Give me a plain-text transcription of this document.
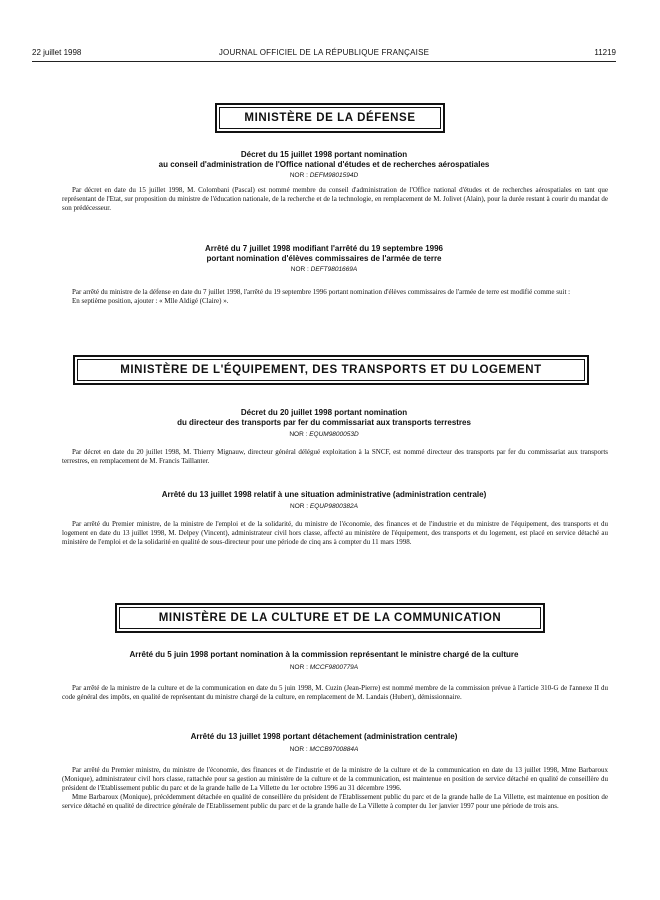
22 juillet 1998	JOURNAL OFFICIEL DE LA RÉPUBLIQUE FRANÇAISE	11219
MINISTÈRE DE LA DÉFENSE
Décret du 15 juillet 1998 portant nomination
au conseil d'administration de l'Office national d'études et de recherches aérospatiales
NOR : DEFM9801594D

Par décret en date du 15 juillet 1998, M. Colombani (Pascal) est nommé membre du conseil d'administration de l'Office national d'études et de recherches aérospatiales en tant que représentant de l'Etat, sur proposition du ministre de l'éducation nationale, de la recherche et de la technologie, en remplacement de M. Jolivet (Alain), pour la durée restant à courir du mandat de son prédécesseur.

Arrêté du 7 juillet 1998 modifiant l'arrêté du 19 septembre 1996
portant nomination d'élèves commissaires de l'armée de terre
NOR : DEFT9801669A

Par arrêté du ministre de la défense en date du 7 juillet 1998, l'arrêté du 19 septembre 1996 portant nomination d'élèves commissaires de l'armée de terre est modifié comme suit :

En septième position, ajouter : « Mlle Aldigé (Claire) ».

MINISTÈRE DE L'ÉQUIPEMENT, DES TRANSPORTS ET DU LOGEMENT
Décret du 20 juillet 1998 portant nomination
du directeur des transports par fer du commissariat aux transports terrestres
NOR : EQUM9800053D

Par décret en date du 20 juillet 1998, M. Thierry Mignauw, directeur général délégué exploitation à la SNCF, est nommé directeur des transports par fer du commissariat aux transports terrestres, en remplacement de M. Francis Taillanter.

Arrêté du 13 juillet 1998 relatif à une situation administrative (administration centrale)
NOR : EQUP9800382A

Par arrêté du Premier ministre, de la ministre de l'emploi et de la solidarité, du ministre de l'économie, des finances et de l'industrie et du ministre de l'équipement, des transports et du logement en date du 13 juillet 1998, M. Delpey (Vincent), administrateur civil hors classe, affecté au ministère de l'équipement, des transports et du logement, est placé en service détaché au ministère de l'emploi et de la solidarité en qualité de sous-directeur pour une période de cinq ans à compter du 11 mars 1998.

MINISTÈRE DE LA CULTURE ET DE LA COMMUNICATION
Arrêté du 5 juin 1998 portant nomination à la commission représentant le ministre chargé de la culture
NOR : MCCF9800779A

Par arrêté de la ministre de la culture et de la communication en date du 5 juin 1998, M. Cuzin (Jean-Pierre) est nommé membre de la commission prévue à l'article 310-G de l'annexe II du code général des impôts, en qualité de représentant du ministre chargé de la culture, en remplacement de M. Landais (Hubert), démissionnaire.

Arrêté du 13 juillet 1998 portant détachement (administration centrale)
NOR : MCCB9700884A

Par arrêté du Premier ministre, du ministre de l'économie, des finances et de l'industrie et de la ministre de la culture et de la communication en date du 13 juillet 1998, Mme Barbaroux (Monique), administrateur civil hors classe, rattachée pour sa gestion au ministère de la culture et de la communication, est maintenue en position de service détaché en qualité de conseillère du président de l'Etablissement public du parc et de la grande halle de La Villette du 1er octobre 1996 au 31 décembre 1996.

Mme Barbaroux (Monique), précédemment détachée en qualité de conseillère du président de l'Etablissement public du parc et de la grande halle de La Villette, est maintenue en position de service détaché en qualité de directrice générale de l'Etablissement public du parc et de la grande halle de La Villette à compter du 1er janvier 1997 pour une période de trois ans.
